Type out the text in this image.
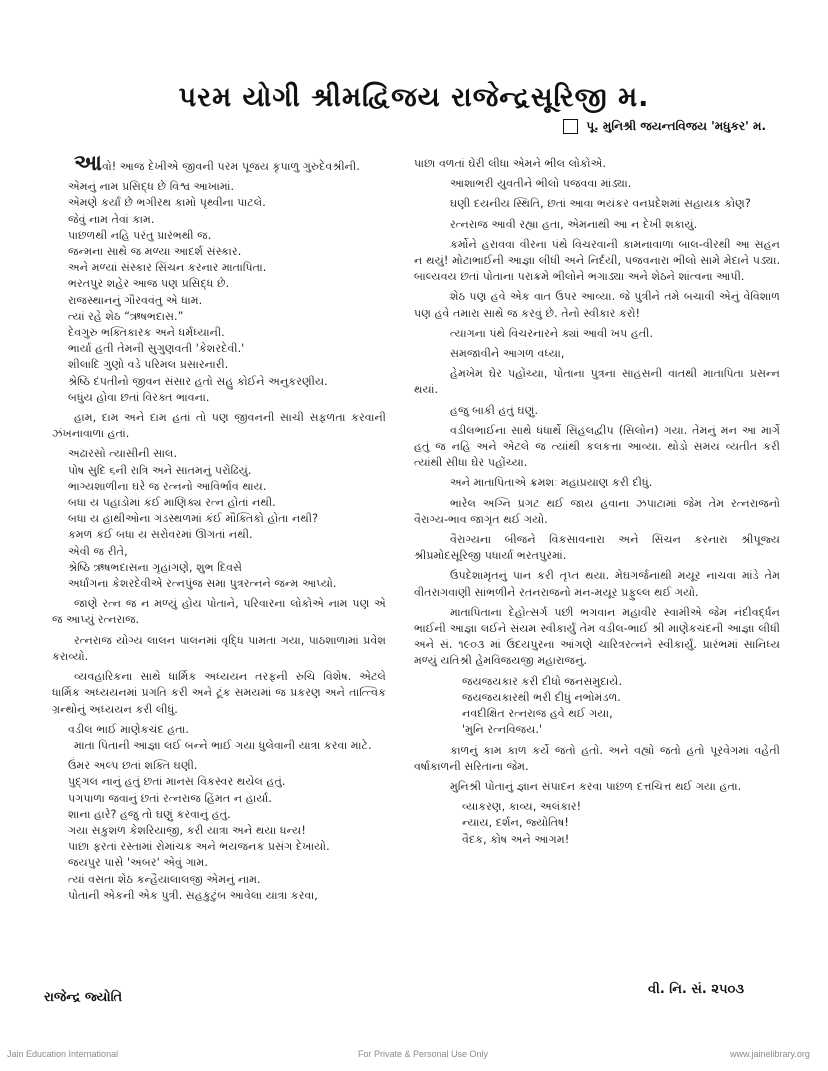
પરમ યોગી શ્રીમદ્વિજય રાજેન્દ્રસૂરિજી મ.
પૂ. મુનિશ્રી જયન્તવિજય 'મધુકર' મ.

આવો! આજ દેખીએ જીવની પરમ પૂજય કૃપાળુ ગુરુદેવશ્રીની.

એમનું નામ પ્રસિદ્ધ છે વિશ્વ આખામાં.
એમણે કર્યાં છે ભગીરથ કામો પૃથ્વીના પાટલે.
જેવું નામ તેવાં કામ.
પાછળથી નહિ પરંતુ પ્રારંભથી જ.
જન્મના સાથે જ મળ્યા આદર્શ સંસ્કાર.
અને મળ્યાં સંસ્કાર સિંચન કરનાર માતાપિતા.
ભરતપુર શહેર આજ પણ પ્રસિદ્ધ છે.
રાજસ્થાનનું ગૌરવવંતુ એ ધામ.
ત્યાં રહે શેઠ “ઋષભદાસ.”
દેવગુરુ ભક્તિકારક અને ધર્મધ્યાની.
ભાર્યા હતી તેમની સુગુણવતી 'કેશરદેવી.'
શીલાદિ ગુણો વડે પરિમલ પ્રસારનારી.
શ્રેષ્ઠિ દંપતીનો જીવન સંસાર હતો સહુ કોઈને અનુકરણીય.
બધુંય હોવા છતાં વિરક્ત ભાવના.

હામ, દામ અને દામ હતાં તો પણ જીવનની સાચી સફળતા કરવાની ઝંખનાવાળા હતાં.

અઢારસો ત્યાસીની સાલ.
પોષ સુદિ ૬ની રાત્રિ અને સાતમનું પરોઢિયું.
ભાગ્યશાળીના ઘરે જ રત્નનો આવિર્ભાવ થાય.
બધા ય પહાડોમાં કંઈ માણિક્ય રત્ન હોતાં નથી.
બધા ય હાથીઓના ગંડસ્થળમાં કંઈ મૌક્તિકો હોતા નથી?
કમળ કંઈ બધા ય સરોવરમાં ઊગતાં નથી.
એવી જ રીતે,
શ્રેષ્ઠિ ઋષભદાસના ગૃહાંગણે, શુભ દિવસે
અર્ધાંગના કેશરદેવીએ રત્નપુંજ સમા પુત્રરત્નને જન્મ આપ્યો.

જાણે રત્ન જ ન મળ્યું હોય પોતાને, પરિવારના લોકોએ નામ પણ એ જ આપ્યું રત્નરાજ.

રત્નરાજ યોગ્ય લાલન પાલનમાં વૃદ્ધિ પામતા ગયા, પાઠશાળામાં પ્રવેશ કરાવ્યો.

વ્યવહારિકના સાથે ધાર્મિક અધ્યયન તરફની રુચિ વિશેષ. એટલે ધાર્મિક અધ્યયનમાં પ્રગતિ કરી અને ટૂંક સમયમાં જ પ્રકરણ અને તાત્ત્વિક ગ્રન્થોનું અધ્યયન કરી લીધું.

વડીલ ભાઈ માણેકચંદ હતા.

માતા પિતાની આજ્ઞા લઈ બન્ને ભાઈ ગયા ધુલેવાની યાત્રા કરવા માટે.

ઉંમર અલ્પ છતાં શક્તિ ઘણી.
પુદ્ગલ નાનું હતું છતાં માનસ વિકસ્વર થયેલ હતું.
પગપાળા જવાનું છતાં રત્નરાજ હિંમત ન હાર્યા.
શાના હારે? હજુ તો ઘણું કરવાનું હતું.
ગયા સકુશળ કેશરિયાજી, કરી યાત્રા અને થયા ધન્ય!
પાછા ફરતાં રસ્તામાં રોમાંચક અને ભયજનક પ્રસંગ દેખાયો.
જયપુર પાસે 'અંબર' એવું ગામ.
ત્યાં વસતા શેઠ કન્હૈયાલાલજી એમનું નામ.
પોતાની એકની એક પુત્રી. સહકુટુંબ આવેલા યાત્રા કરવા,

પાછા વળતાં ઘેરી લીધા એમને ભીલ લોકોએ.

આશાભરી યુવતીને ભીલો પજવવા માંડ્યા.

ઘણી દયનીય સ્થિતિ, છતાં આવા ભયંકર વનપ્રદેશમાં સહાયક કોણ?

રત્નરાજ આવી રહ્યા હતા, એમનાથી આ ન દેખી શકાયું.

કર્મોને હરાવવા વીરના પંથે વિચરવાની કામનાવાળા બાલ-વીરથી આ સહન ન થયું! મોટાભાઈની આજ્ઞા લીધી અને નિર્દયી, પજવનારા ભીલો સામે મેદાને પડ્યા. બાલ્યવય છતાં પોતાના પરાક્રમે ભીલોને ભગાડ્યા અને શેઠને શાંત્વના આપી.

શેઠ પણ હવે એક વાત ઉપર આવ્યા. જે પુત્રીને તમે બચાવી એનું વેવિશાળ પણ હવે તમારા સાથે જ કરવું છે. તેનો સ્વીકાર કરો!

ત્યાગના પંથે વિચરનારને ક્યાં આવી ખપ હતી.

સમજાવીને આગળ વધ્યા,

હેમખેમ ઘેર પહોંચ્યા, પોતાના પુત્રના સાહસની વાતથી માતાપિતા પ્રસન્ન થયાં.

હજુ બાકી હતું ઘણું.

વડીલભાઈના સાથે ધંધાર્થે સિંહલદ્વીપ (સિલોન) ગયા. તેમનું મન આ માર્ગે હતું જ નહિ અને એટલે જ ત્યાંથી કલકત્તા આવ્યા. થોડો સમય વ્યતીત કરી ત્યાંથી સીધા ઘેર પહોંચ્યા.

અને માતાપિતાએ ક્રમશઃ મહાપ્રયાણ કરી દીધું.

ભારેલ અગ્નિ પ્રગટ થઈ જાય હવાના ઝપાટામાં જેમ તેમ રત્નરાજનો વૈરાગ્ય-ભાવ જાગૃત થઈ ગયો.

વૈરાગ્યના બીજને વિકસાવનારા અને સિંચન કરનારા શ્રીપૂજ્ય શ્રીપ્રમોદસૂરિજી પધાર્યા ભરતપુરમાં.

ઉપદેશામૃતનું પાન કરી તૃપ્ત થયા. મેઘગર્જનાથી મયૂર નાચવા માંડે તેમ વીતરાગવાણી સાંભળીને રતનરાજનો મન-મયૂર પ્રફુલ્લ થઈ ગયો.

માતાપિતાના દેહોત્સર્ગ પછી ભગવાન મહાવીર સ્વામીએ જેમ નંદીવર્દ્ધન ભાઈની આજ્ઞા લઈને સંયમ સ્વીકાર્યું તેમ વડીલ-ભાઈ શ્રી માણેકચંદની આજ્ઞા લીધી અને સં. ૧૯૦૩ માં ઉદયપુરના આંગણે ચારિત્રરત્નને સ્વીકાર્યું. પ્રારંભમાં સાનિધ્ય મળ્યું યતિશ્રી હેમવિજયજી મહારાજનું.

જયજયકાર કરી દીધો જનસમુદાયે.
જયજયકારથી ભરી દીધું નભોમંડળ.
નવદીક્ષિત રત્નરાજ હવે થઈ ગયા,
'મુનિ રત્નવિજય.'

કાળનું કામ કાળ કર્યે જતો હતો. અને વહ્યો જતો હતો પૂરવેગમાં વહેતી વર્ષાકાળની સરિતાના જેમ.

મુનિશ્રી પોતાનું જ્ઞાન સંપાદન કરવા પાછળ દત્તચિત્ત થઈ ગયા હતા.

વ્યાકરણ, કાવ્ય, અલંકાર!
ન્યાય, દર્શન, જ્યોતિષ!
વૈદક, કોષ અને આગમ!
રાજેન્દ્ર જ્યોતિ
વી. નિ. સં. ૨૫૦૩
Jain Education International	For Private & Personal Use Only	www.jainelibrary.org
